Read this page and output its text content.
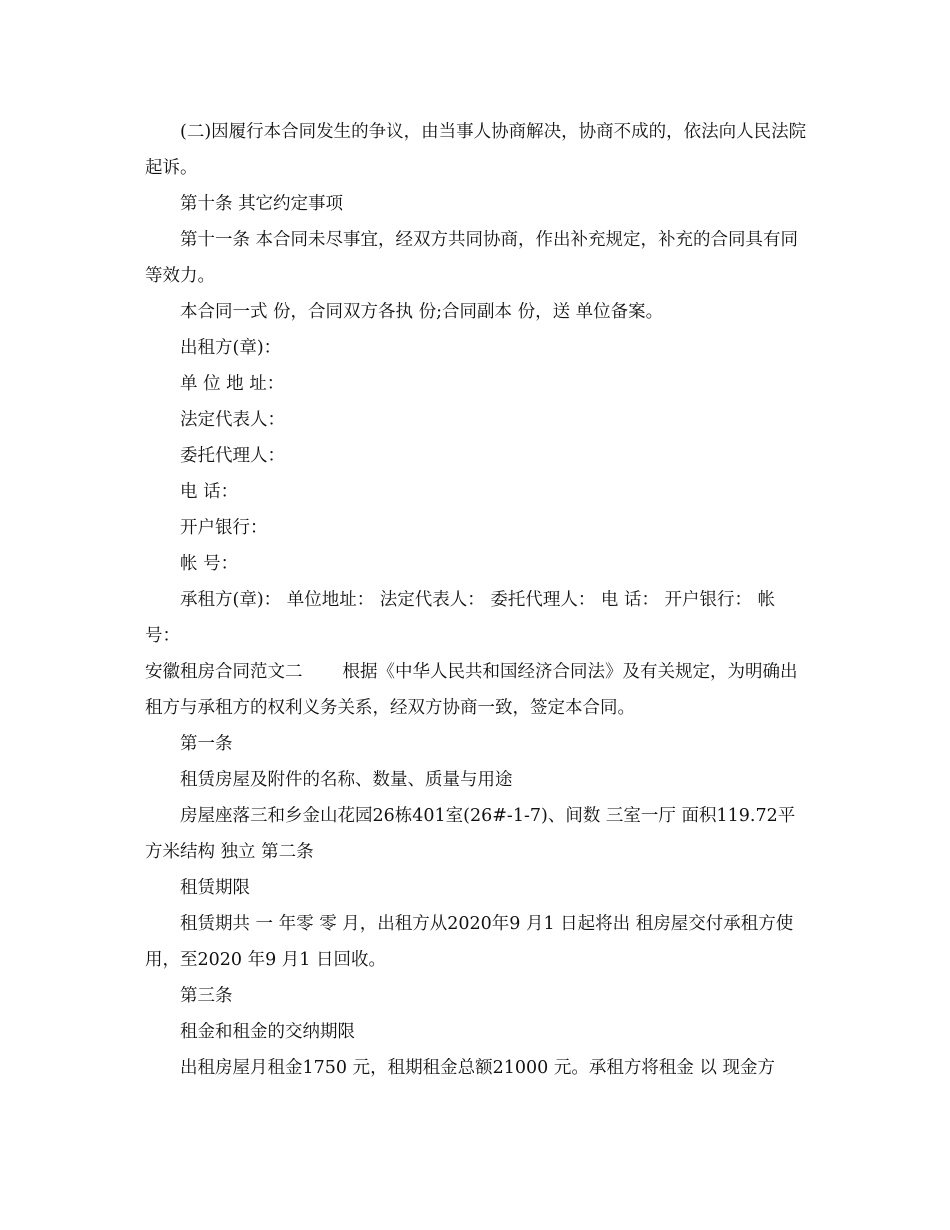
(二)因履行本合同发生的争议，由当事人协商解决，协商不成的，依法向人民法院起诉。

第十条 其它约定事项

第十一条 本合同未尽事宜，经双方共同协商，作出补充规定，补充的合同具有同等效力。

本合同一式 份，合同双方各执 份;合同副本 份，送 单位备案。

出租方(章)：

单 位 地 址：

法定代表人：

委托代理人：

电 话：

开户银行：

帐 号：

承租方(章)： 单位地址： 法定代表人： 委托代理人： 电 话： 开户银行： 帐号：

安徽租房合同范文二 根据《中华人民共和国经济合同法》及有关规定，为明确出租方与承租方的权利义务关系，经双方协商一致，签定本合同。

第一条

租赁房屋及附件的名称、数量、质量与用途

房屋座落三和乡金山花园26栋401室(26#-1-7)、间数 三室一厅 面积119.72平方米结构 独立 第二条

租赁期限

租赁期共 一 年零 零 月，出租方从2020年9 月1 日起将出 租房屋交付承租方使用，至2020 年9 月1 日回收。

第三条

租金和租金的交纳期限

出租房屋月租金1750 元，租期租金总额21000 元。承租方将租金 以 现金方
